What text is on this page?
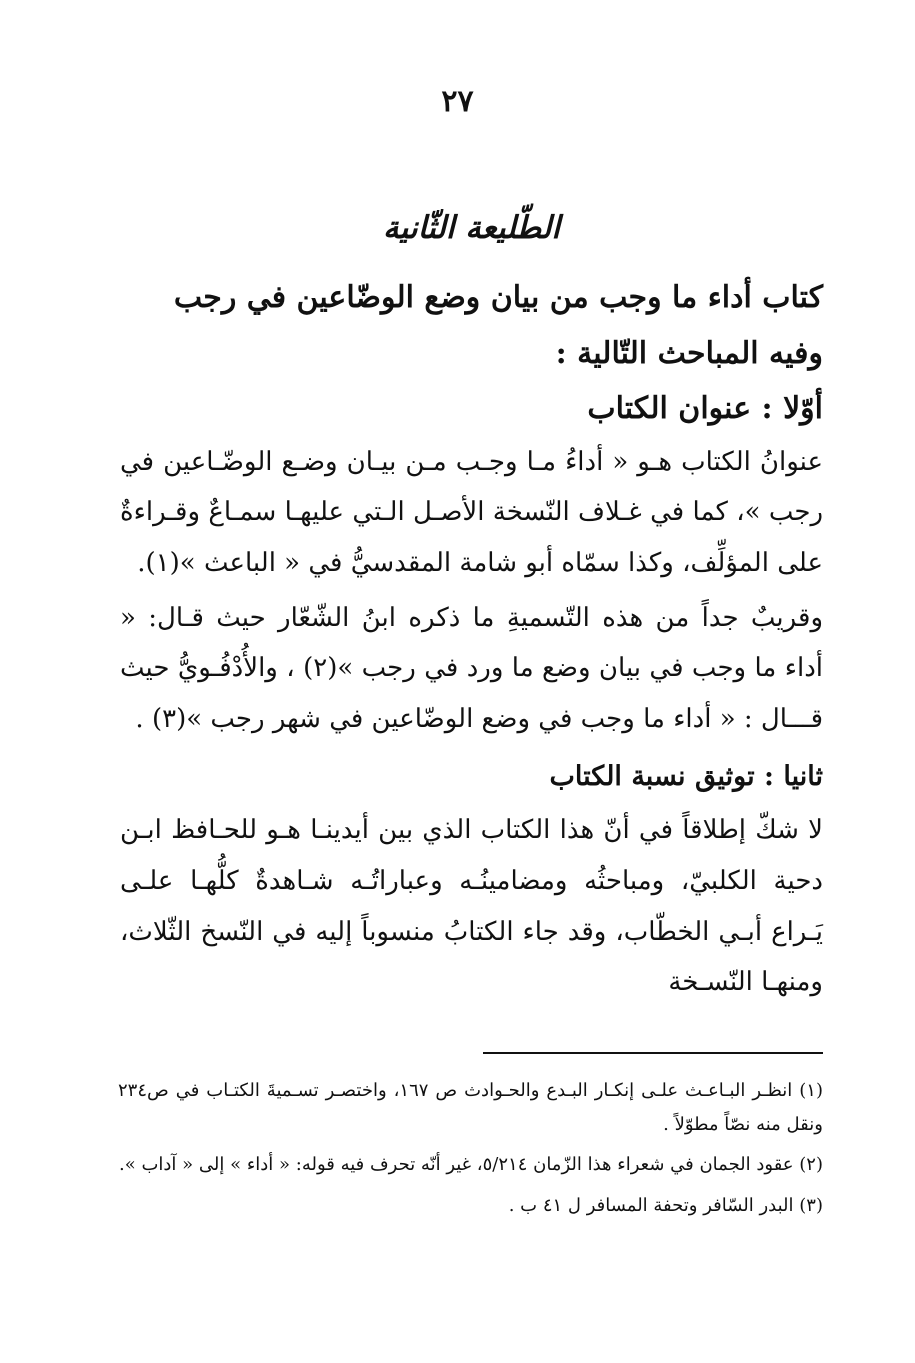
٢٧
الطّليعة الثّانية
كتاب أداء ما وجب من بيان وضع الوضّاعين في رجب
وفيه المباحث التّالية :
أوّلا : عنوان الكتاب

عنوانُ الكتاب هـو « أداءُ مـا وجـب مـن بيـان وضـع الوضّـاعين في رجب »، كما في غـلاف النّسخة الأصـل الـتي عليهـا سمـاعٌ وقـراءةٌ على المؤلِّف، وكذا سمّاه أبو شامة المقدسيُّ في « الباعث »(١).

وقريبٌ جداً من هذه التّسميةِ ما ذكره ابنُ الشّعّار حيث قـال: « أداء ما وجب في بيان وضع ما ورد في رجب »(٢) ، والأُدْفُـويُّ حيث قـــال : « أداء ما وجب في وضع الوضّاعين في شهر رجب »(٣) .

ثانيا : توثيق نسبة الكتاب

لا شكّ إطلاقاً في أنّ هذا الكتاب الذي بين أيدينـا هـو للحـافظ ابـن دحية الكلبيّ، ومباحثُه ومضامينُـه وعباراتُـه شـاهدةٌ كلُّهـا علـى يَـراع أبـي الخطّاب، وقد جاء الكتابُ منسوباً إليه في النّسخ الثّلاث، ومنهـا النّسـخة

(١) انظـر البـاعـث علـى إنكـار البـدع والحـوادث ص ١٦٧، واختصـر تسـميةَ الكتـاب في ص٢٣٤ ونقل منه نصّاً مطوّلاً .

(٢) عقود الجمان في شعراء هذا الزّمان ٥/٢١٤، غير أنّه تحرف فيه قوله: « أداء » إلى « آداب ».

(٣) البدر السّافر وتحفة المسافر ل ٤١ ب .
